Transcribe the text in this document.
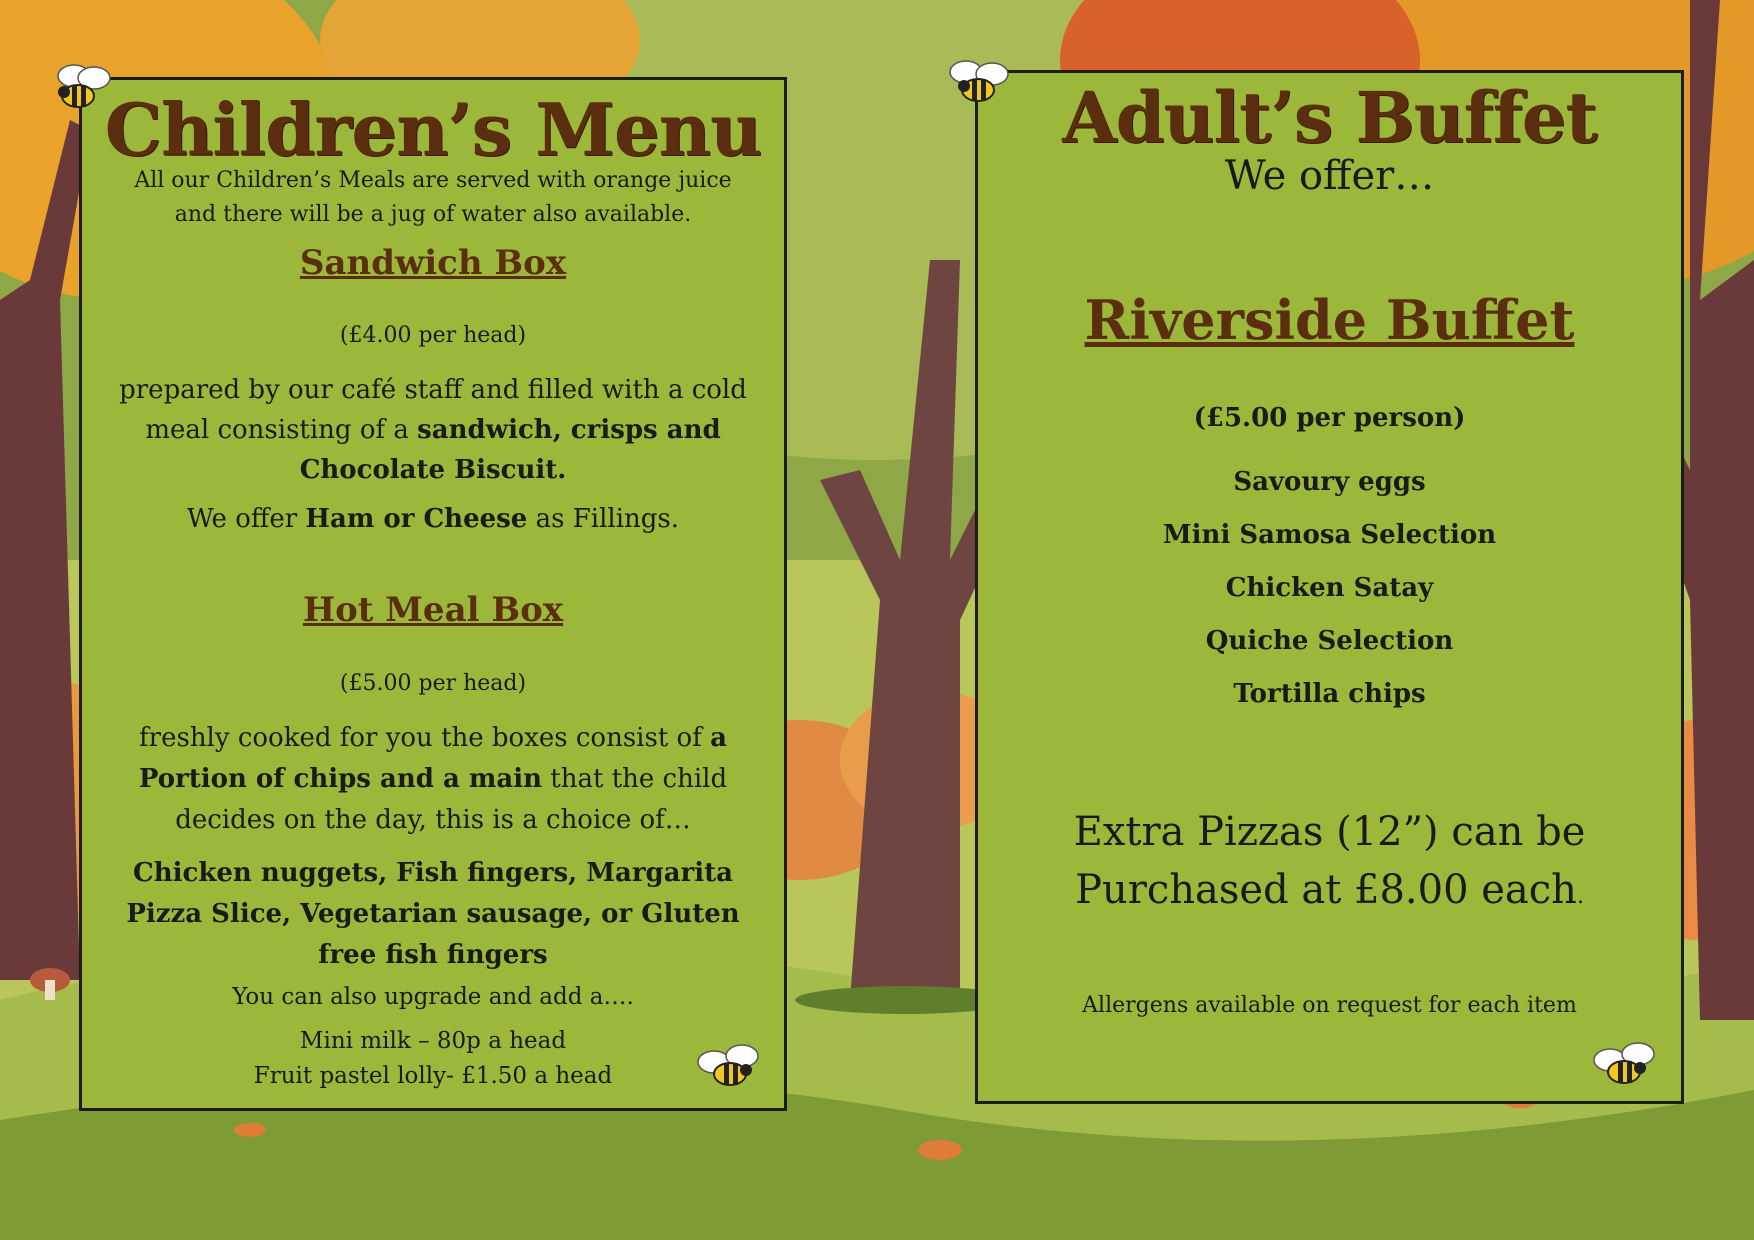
Children’s Menu

All our Children’s Meals are served with orange juice
and there will be a jug of water also available.

Sandwich Box

(£4.00 per head)

prepared by our café staff and filled with a cold
meal consisting of a sandwich, crisps and
Chocolate Biscuit.

We offer Ham or Cheese as Fillings.

Hot Meal Box

(£5.00 per head)

freshly cooked for you the boxes consist of a
Portion of chips and a main that the child
decides on the day, this is a choice of…

Chicken nuggets, Fish fingers, Margarita
Pizza Slice, Vegetarian sausage, or Gluten
free fish fingers

You can also upgrade and add a….

Mini milk – 80p a head
Fruit pastel lolly- £1.50 a head

Adult’s Buffet

We offer…

Riverside Buffet

(£5.00 per person)

Savoury eggs
Mini Samosa Selection
Chicken Satay
Quiche Selection
Tortilla chips

Extra Pizzas (12”) can be
Purchased at £8.00 each.

Allergens available on request for each item
